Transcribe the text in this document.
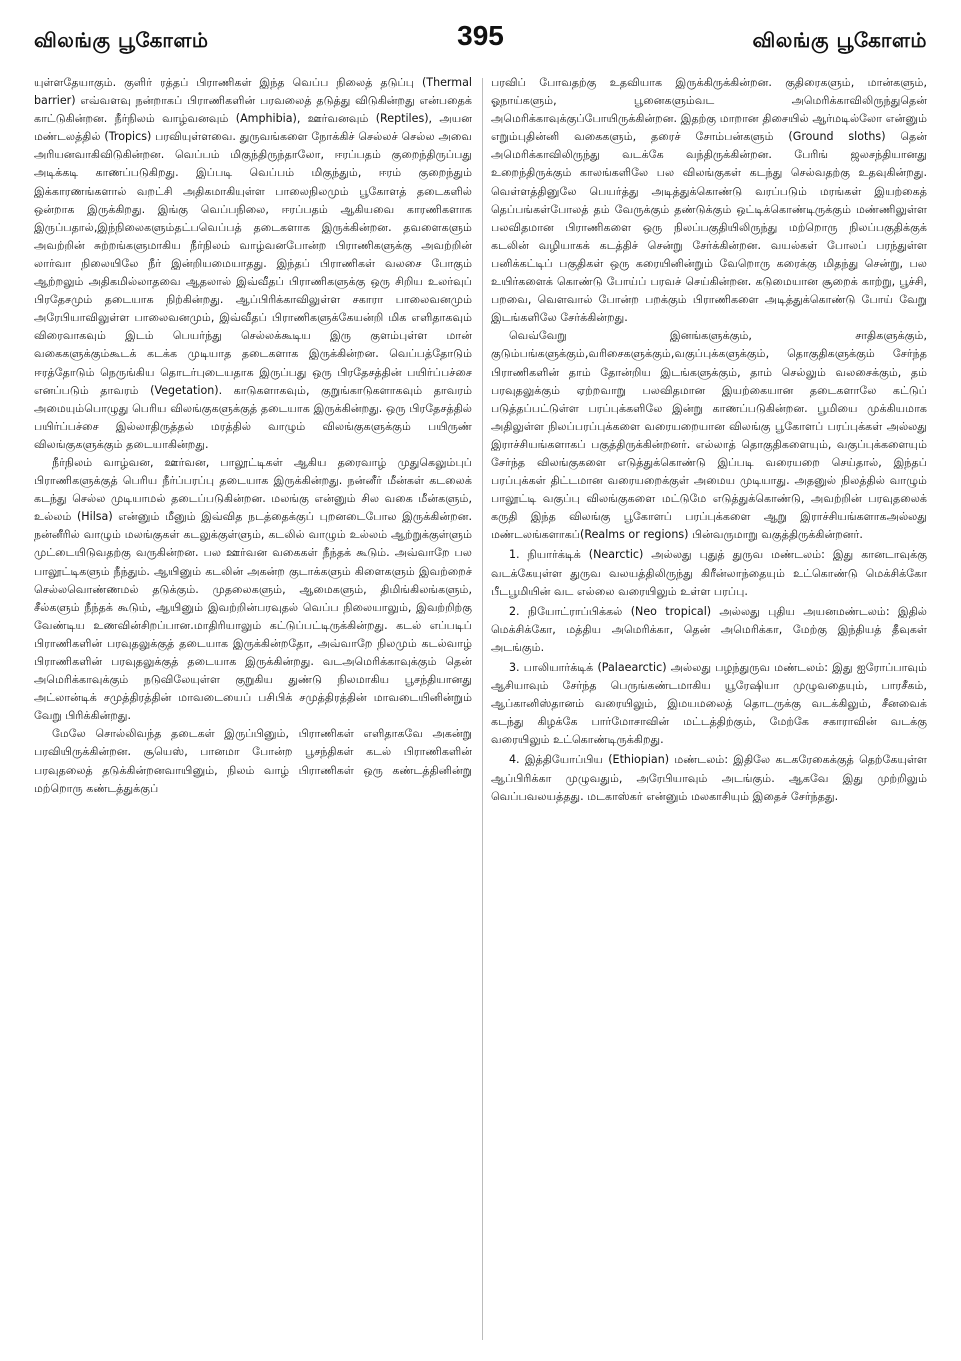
விலங்கு பூகோளம்	395	விலங்கு பூகோளம்

யுள்ளதேயாகும். குளிர் ரத்தப் பிராணிகள் இந்த வெப்ப நிலைத் தடுப்பு (Thermal barrier) எவ்வளவு நன்றாகப் பிராணிகளின் பரவலைத் தடுத்து விடுகின்றது என்பதைக் காட்டுகின்றன. நீர்நிலம் வாழ்வனவும் (Amphibia), ஊர்வனவும் (Reptiles), அயன மண்டலத்தில் (Tropics) பரவியுள்ளவை. துருவங்களை நோக்கிச் செல்லச் செல்ல அவை அரியனவாகிவிடுகின்றன. வெப்பம் மிகுந்திருந்தாலோ, ஈரப்பதம் குறைந்திருப்பது அடிக்கடி காணப்படுகிறது. இப்படி வெப்பம் மிகுந்தும், ஈரம் குறைந்தும் இக்காரணங்களால் வறட்சி அதிகமாகியுள்ள பாலைநிலமும் பூகோளத் தடைகளில் ஒன்றாக இருக்கிறது. இங்கு வெப்பநிலை, ஈரப்பதம் ஆகியவை காரணிகளாக இருப்பதால்,இந்நிலைகளும்தட்பவெப்பத் தடைகளாக இருக்கின்றன. தவளைகளும் அவற்றின் சுற்றங்களுமாகிய நீர்நிலம் வாழ்வனபோன்ற பிராணிகளுக்கு அவற்றின் லார்வா நிலையிலே நீர் இன்றியமையாதது. இந்தப் பிராணிகள் வலசை போகும் ஆற்றலும் அதிகமில்லாதவை ஆதலால் இவ்வீதப் பிராணிகளுக்கு ஒரு சிறிய உலர்வுப் பிரதேசமும் தடையாக நிற்கின்றது. ஆப்பிரிக்காவிலுள்ள சகாரா பாலைவனமும் அரேபியாவிலுள்ள பாலைவனமும், இவ்வீதப் பிராணிகளுக்கேயன்றி மிக எளிதாகவும் விரைவாகவும் இடம் பெயர்ந்து செல்லக்கூடிய இரு குளம்புள்ள மான் வகைகளுக்கும்கூடக் கடக்க முடியாத தடைகளாக இருக்கின்றன. வெப்பத்தோடும் ஈரத்தோடும் நெருங்கிய தொடர்புடையதாக இருப்பது ஒரு பிரதேசத்தின் பயிர்ப்பச்சை எனப்படும் தாவரம் (Vegetation). காடுகளாகவும், குறுங்காடுகளாகவும் தாவரம் அமையும்பொழுது பெரிய விலங்குகளுக்குத் தடையாக இருக்கின்றது. ஒரு பிரதேசத்தில் பயிர்ப்பச்சை இல்லாதிருத்தல் மரத்தில் வாழும் விலங்குகளுக்கும் பயிருண் விலங்குகளுக்கும் தடையாகின்றது.

நீர்நிலம் வாழ்வன, ஊர்வன, பாலூட்டிகள் ஆகிய தரைவாழ் முதுகெலும்புப் பிராணிகளுக்குத் பெரிய நீர்ப்பரப்பு தடையாக இருக்கின்றது. நன்னீர் மீன்கள் கடலைக் கடந்து செல்ல முடியாமல் தடைப்படுகின்றன. மலங்கு என்னும் சில வகை மீன்களும், உல்லம் (Hilsa) என்னும் மீனும் இவ்வித நடத்தைக்குப் புறனடைபோல இருக்கின்றன. நன்னீரில் வாழும் மலங்குகள் கடலுக்குள்ளும், கடலில் வாழும் உல்லம் ஆற்றுக்குள்ளும் முட்டையிடுவதற்கு வருகின்றன. பல ஊர்வன வகைகள் நீந்தக் கூடும். அவ்வாறே பல பாலூட்டிகளும் நீந்தும். ஆயினும் கடலின் அகன்ற குடாக்களும் கிளைகளும் இவற்றைச் செல்லவொண்ணமல் தடுக்கும். முதலைகளும், ஆமைகளும், திமிங்கிலங்களும், சீல்களும் நீந்தக் கூடும், ஆயினும் இவற்றின்பரவுதல் வெப்ப நிலையாலும், இவற்றிற்கு வேண்டிய உணவின்சிறப்பான.மாதிரியாலும் கட்டுப்பட்டிருக்கின்றது. கடல் எப்படிப் பிராணிகளின் பரவுதலுக்குத் தடையாக இருக்கின்றதோ, அவ்வாறே நிலமும் கடல்வாழ் பிராணிகளின் பரவுதலுக்குத் தடையாக இருக்கின்றது. வடஅமெரிக்காவுக்கும் தென் அமெரிக்காவுக்கும் நடுவிலேயுள்ள குறுகிய துண்டு நிலமாகிய பூசந்தியானது அட்லான்டிக் சமுத்திரத்தின் மாவடையைப் பசிபிக் சமுத்திரத்தின் மாவடையினின்றும் வேறு பிரிக்கின்றது.

மேலே சொல்லிவந்த தடைகள் இருப்பினும், பிராணிகள் எளிதாகவே அகன்று பரவியிருக்கின்றன. சூயெஸ், பானமா போன்ற பூசந்திகள் கடல் பிராணிகளின் பரவுதலைத் தடுக்கின்றனவாயினும், நிலம் வாழ் பிராணிகள் ஒரு கண்டத்தினின்று மற்றொரு கண்டத்துக்குப்

பரவிப் போவதற்கு உதவியாக இருக்கிருக்கின்றன. குதிரைகளும், மான்களும், ஓநாய்களும், பூனைகளும்வட அமெரிக்காவிலிருந்துதென் அமெரிக்காவுக்குப்போயிருக்கின்றன. இதற்கு மாறான திசையில் ஆர்மடில்லோ என்னும் எறும்புதின்னி வகைகளும், தரைச் சோம்பன்களும் (Ground sloths) தென் அமெரிக்காவிலிருந்து வடக்கே வந்திருக்கின்றன. பேரிங் ஜலசந்தியானது உறைந்திருக்கும் காலங்களிலே பல விலங்குகள் கடந்து செல்வதற்கு உதவுகின்றது. வெள்ளத்தினுலே பெயர்த்து அடித்துக்கொண்டு வரப்படும் மரங்கள் இயற்கைத் தெப்பங்கள்போலத் தம் வேருக்கும் தண்டுக்கும் ஒட்டிக்கொண்டிருக்கும் மண்ணிலுள்ள பலவிதமான பிராணிகளை ஒரு நிலப்பகுதியிலிருந்து மற்றொரு நிலப்பகுதிக்குக் கடலின் வழியாகக் கடத்திச் சென்று சேர்க்கின்றன. வயல்கள் போலப் பரந்துள்ள பனிக்கட்டிப் பகுதிகள் ஒரு கரையினின்றும் வேறொரு கரைக்கு மிதந்து சென்று, பல உயிர்களைக் கொண்டு போய்ப் பரவச் செய்கின்றன. கடுமையான சூறைக் காற்று, பூச்சி, பறவை, வௌவால் போன்ற பறக்கும் பிராணிகளை அடித்துக்கொண்டு போய் வேறு இடங்களிலே சேர்க்கின்றது.

வெவ்வேறு இனங்களுக்கும், சாதிகளுக்கும், குடும்பங்களுக்கும்,வரிசைகளுக்கும்,வகுப்புக்களுக்கும், தொகுதிகளுக்கும் சேர்ந்த பிராணிகளின் தாம் தோன்றிய இடங்களுக்கும், தாம் செல்லும் வலசைக்கும், தம் பரவுதலுக்கும் ஏற்றவாறு பலவிதமான இயற்கையான தடைகளாலே கட்டுப் படுத்தப்பட்டுள்ள பரப்புக்களிலே இன்று காணப்படுகின்றன. பூமியை முக்கியமாக அதிலுள்ள நிலப்பரப்புக்களை வரையறையான விலங்கு பூகோளப் பரப்புக்கள் அல்லது இராச்சியங்களாகப் பகுத்திருக்கின்றனர். எல்லாத் தொகுதிகளையும், வகுப்புக்களையும் சேர்ந்த விலங்குகளை எடுத்துக்கொண்டு இப்படி வரையறை செய்தால், இந்தப் பரப்புக்கள் திட்டமான வரையறைக்குள் அமைய முடியாது. அதனுல் நிலத்தில் வாழும் பாலூட்டி வகுப்பு விலங்குகளை மட்டுமே எடுத்துக்கொண்டு, அவற்றின் பரவுதலைக் கருதி இந்த விலங்கு பூகோளப் பரப்புக்களை ஆறு இராச்சியங்களாகஅல்லது மண்டலங்களாகப்(Realms or regions) பின்வருமாறு வகுத்திருக்கின்றனர்.

1. நியார்க்டிக் (Nearctic) அல்லது புதுத் துருவ மண்டலம்: இது கானடாவுக்கு வடக்கேயுள்ள துருவ வலயத்திலிருந்து கிரீன்லாந்தையும் உட்கொண்டு மெக்சிக்கோ பீடபூமியின் வட எல்லை வரையிலும் உள்ள பரப்பு.

2. நியோட்ராப்பிக்கல் (Neo tropical) அல்லது புதிய அயனமண்டலம்: இதில் மெக்சிக்கோ, மத்திய அமெரிக்கா, தென் அமெரிக்கா, மேற்கு இந்தியத் தீவுகள் அடங்கும்.

3. பாலியார்க்டிக் (Palaearctic) அல்லது பழந்துருவ மண்டலம்: இது ஐரோப்பாவும் ஆசியாவும் சேர்ந்த பெருங்கண்டமாகிய யூரேஷியா முழுவதையும், பாரசீகம், ஆப்கானிஸ்தானம் வரையிலும், இமயமலைத் தொடருக்கு வடக்கிலும், சீனவைக் கடந்து கிழக்கே பார்மோசாவின் மட்டத்திற்கும், மேற்கே சகாராவின் வடக்கு வரையிலும் உட்கொண்டிருக்கிறது.

4. இத்தியோப்பிய (Ethiopian) மண்டலம்: இதிலே கடகரேகைக்குத் தெற்கேயுள்ள ஆப்பிரிக்கா முழுவதும், அரேபியாவும் அடங்கும். ஆகவே இது முற்றிலும் வெப்பவலயத்தது. மடகாஸ்கர் என்னும் மலகாசியும் இதைச் சேர்ந்தது.
